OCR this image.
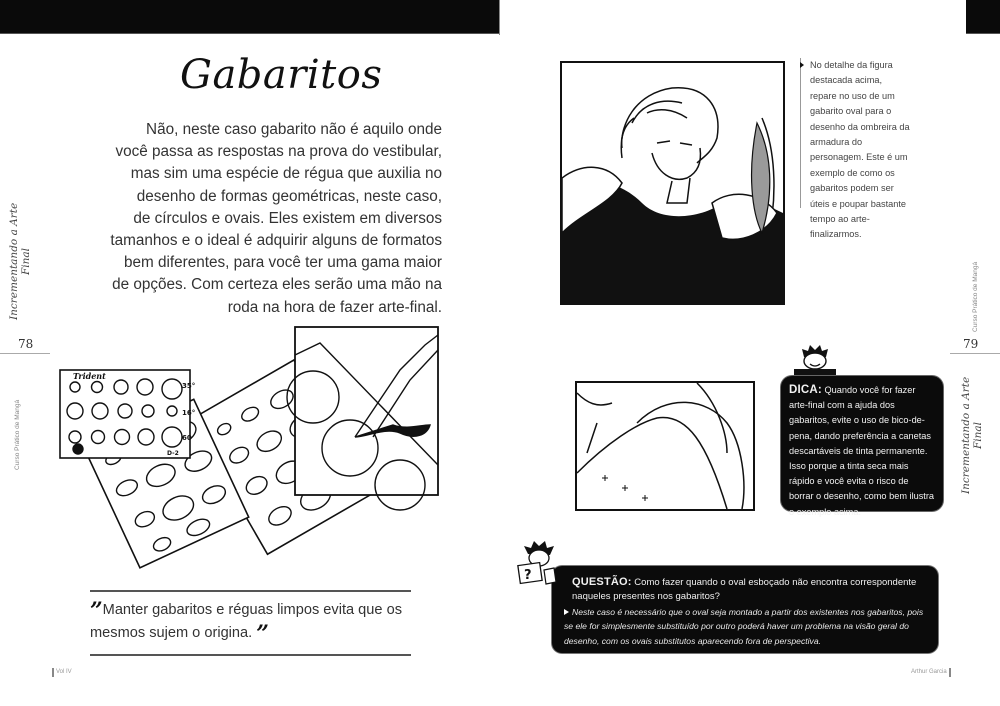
Gabaritos
Não, neste caso gabarito não é aquilo onde
você passa as respostas na prova do vestibular,
mas sim uma espécie de régua que auxilia no
desenho de formas geométricas, neste caso,
de círculos e ovais. Eles existem em diversos
tamanhos e o ideal é adquirir alguns de formatos
bem diferentes, para você ter uma gama maior
de opções. Com certeza eles serão uma mão na
roda na hora de fazer arte-final.
Incrementando a Arte Final
78
Curso Prático de Mangá
Trident
35°
16°
60
D-2
”Manter gabaritos e réguas limpos evita que os mesmos sujem o origina. ”
Vol IV
No detalhe da figura destacada acima, repare no uso de um gabarito oval para o desenho da ombreira da armadura do personagem. Este é um exemplo de como os gabaritos podem ser úteis e poupar bastante tempo ao arte-finalizarmos.
Curso Prático de Mangá
79
Incrementando a Arte Final
DICA: Quando você for fazer arte-final com a ajuda dos gabaritos, evite o uso de bico-de-pena, dando preferência a canetas descartáveis de tinta permanente. Isso porque a tinta seca mais rápido e você evita o risco de borrar o desenho, como bem ilustra o exemplo acima.
QUESTÃO: Como fazer quando o oval esboçado não encontra correspondente naqueles presentes nos gabaritos?
Neste caso é necessário que o oval seja montado a partir dos existentes nos gabaritos, pois se ele for simplesmente substituído por outro poderá haver um problema na visão geral do desenho, com os ovais substitutos aparecendo fora de perspectiva.
?
Arthur Garcia
